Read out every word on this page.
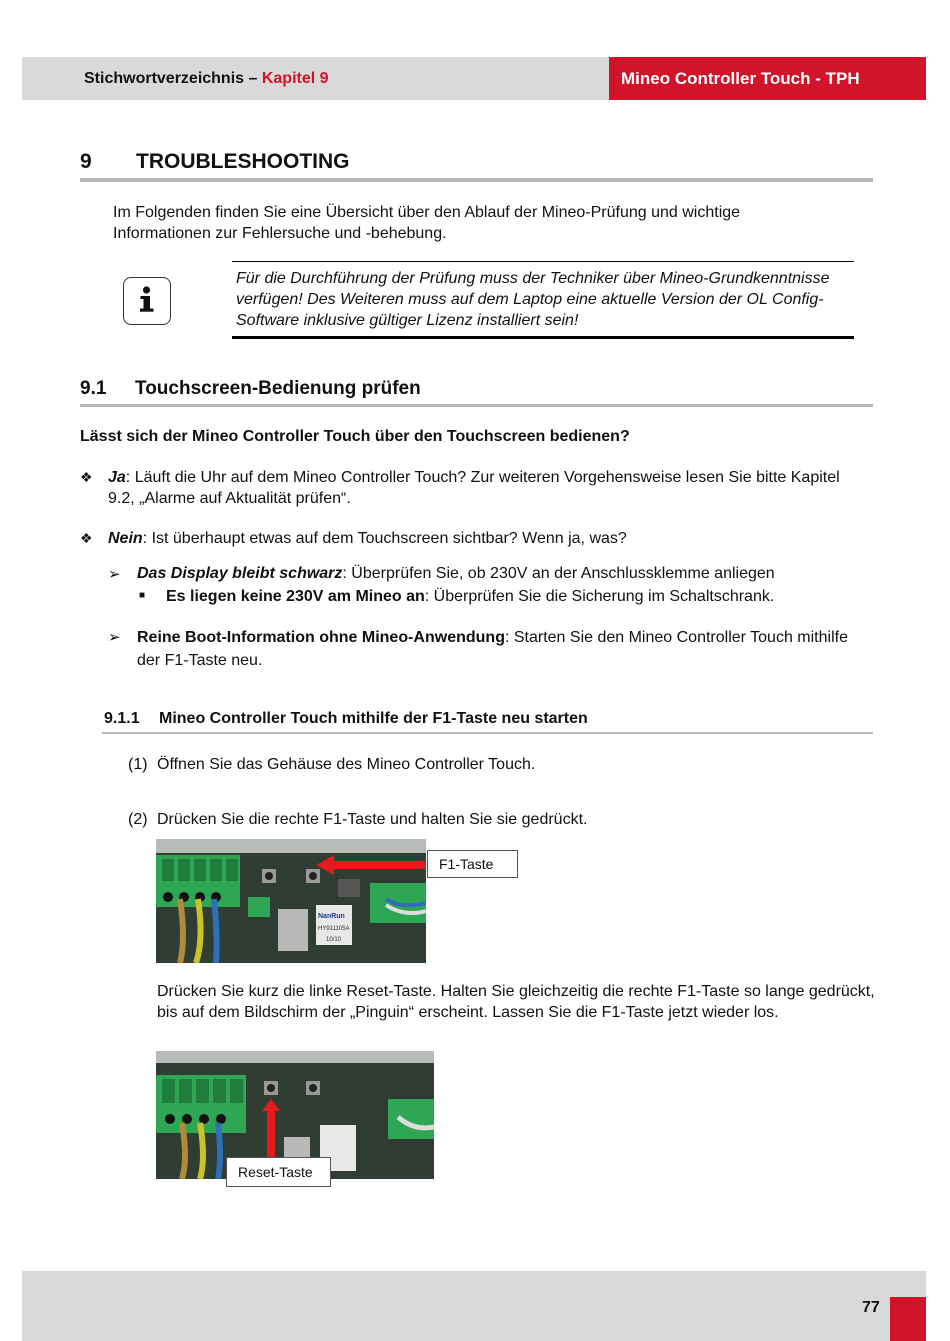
Stichwortverzeichnis – Kapitel 9	Mineo Controller Touch - TPH
9 TROUBLESHOOTING
Im Folgenden finden Sie eine Übersicht über den Ablauf der Mineo-Prüfung und wichtige Informationen zur Fehlersuche und -behebung.
Für die Durchführung der Prüfung muss der Techniker über Mineo-Grundkenntnisse verfügen! Des Weiteren muss auf dem Laptop eine aktuelle Version der OL Config-Software inklusive gültiger Lizenz installiert sein!
9.1 Touchscreen-Bedienung prüfen
Lässt sich der Mineo Controller Touch über den Touchscreen bedienen?
❖ Ja: Läuft die Uhr auf dem Mineo Controller Touch? Zur weiteren Vorgehensweise lesen Sie bitte Kapitel 9.2, „Alarme auf Aktualität prüfen“.
❖ Nein: Ist überhaupt etwas auf dem Touchscreen sichtbar? Wenn ja, was?
➢ Das Display bleibt schwarz: Überprüfen Sie, ob 230V an der Anschlussklemme anliegen
■ Es liegen keine 230V am Mineo an: Überprüfen Sie die Sicherung im Schaltschrank.
➢ Reine Boot-Information ohne Mineo-Anwendung: Starten Sie den Mineo Controller Touch mithilfe der F1-Taste neu.
9.1.1 Mineo Controller Touch mithilfe der F1-Taste neu starten
(1) Öffnen Sie das Gehäuse des Mineo Controller Touch.
(2) Drücken Sie die rechte F1-Taste und halten Sie sie gedrückt.
NanRun
HY911105A
10/10
F1-Taste
Drücken Sie kurz die linke Reset-Taste. Halten Sie gleichzeitig die rechte F1-Taste so lange gedrückt, bis auf dem Bildschirm der „Pinguin“ erscheint. Lassen Sie die F1-Taste jetzt wieder los.
Reset-Taste
77
